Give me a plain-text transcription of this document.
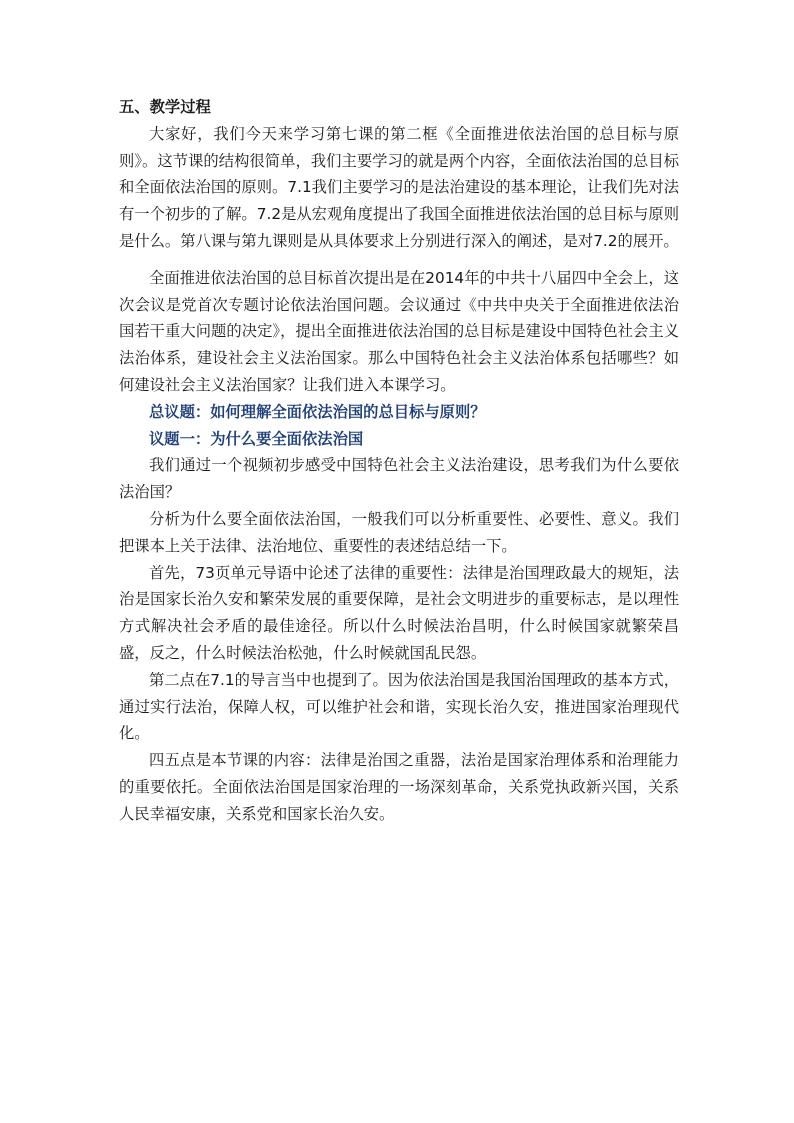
五、教学过程

大家好，我们今天来学习第七课的第二框《全面推进依法治国的总目标与原则》。这节课的结构很简单，我们主要学习的就是两个内容，全面依法治国的总目标和全面依法治国的原则。7.1我们主要学习的是法治建设的基本理论，让我们先对法有一个初步的了解。7.2是从宏观角度提出了我国全面推进依法治国的总目标与原则是什么。第八课与第九课则是从具体要求上分别进行深入的阐述，是对7.2的展开。

全面推进依法治国的总目标首次提出是在2014年的中共十八届四中全会上，这次会议是党首次专题讨论依法治国问题。会议通过《中共中央关于全面推进依法治国若干重大问题的决定》，提出全面推进依法治国的总目标是建设中国特色社会主义法治体系，建设社会主义法治国家。那么中国特色社会主义法治体系包括哪些？如何建设社会主义法治国家？让我们进入本课学习。

总议题：如何理解全面依法治国的总目标与原则？

议题一：为什么要全面依法治国

我们通过一个视频初步感受中国特色社会主义法治建设，思考我们为什么要依法治国？

分析为什么要全面依法治国，一般我们可以分析重要性、必要性、意义。我们把课本上关于法律、法治地位、重要性的表述结总结一下。

首先，73页单元导语中论述了法律的重要性：法律是治国理政最大的规矩，法治是国家长治久安和繁荣发展的重要保障，是社会文明进步的重要标志，是以理性方式解决社会矛盾的最佳途径。所以什么时候法治昌明，什么时候国家就繁荣昌盛，反之，什么时候法治松弛，什么时候就国乱民怨。

第二点在7.1的导言当中也提到了。因为依法治国是我国治国理政的基本方式，通过实行法治，保障人权，可以维护社会和谐，实现长治久安，推进国家治理现代化。

四五点是本节课的内容：法律是治国之重器，法治是国家治理体系和治理能力的重要依托。全面依法治国是国家治理的一场深刻革命，关系党执政新兴国，关系人民幸福安康，关系党和国家长治久安。
